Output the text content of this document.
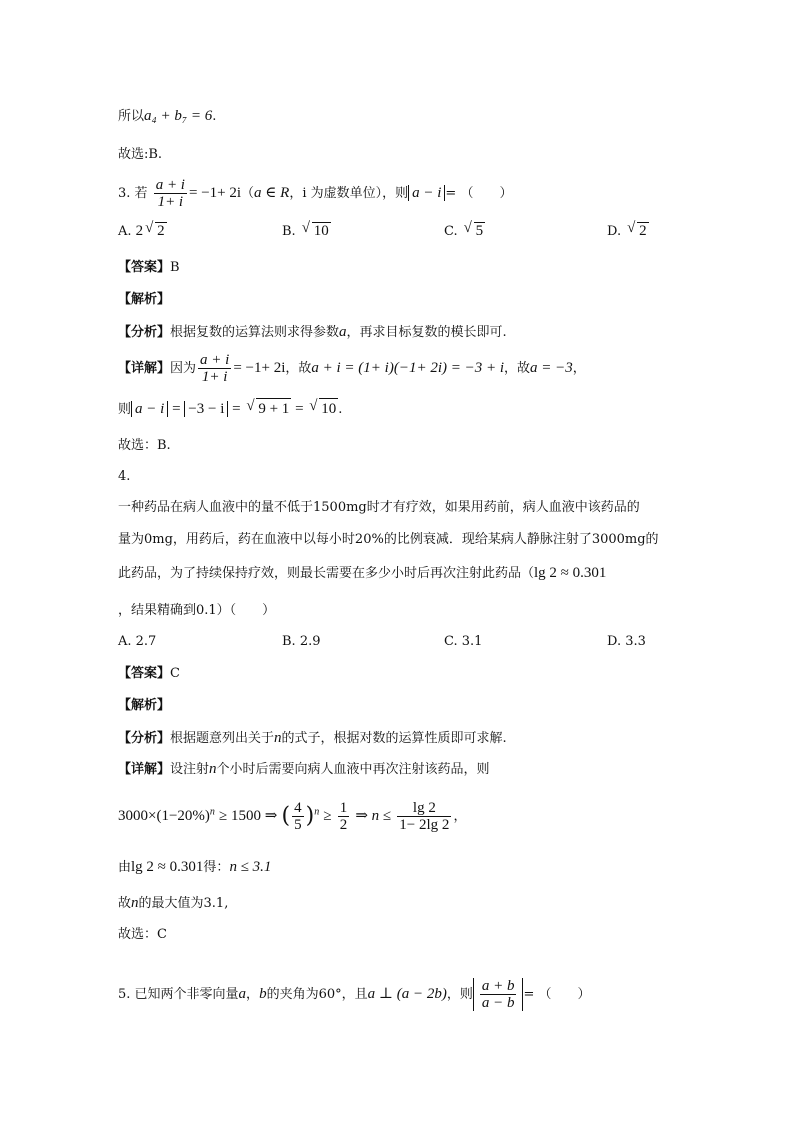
所以a₄ + b₇ = 6.
故选:B.
3. 若 $\frac{a + i}{1+ i} = -1+ 2i(a$ ∈ R，i 为虚数单位），则 a − i = （　　）
A. 2 √ 2	B. √ 10	C. √ 5	D. √ 2
【答案】B
【解析】
【分析】根据复数的运算法则求得参数a，再求目标复数的模长即可.
【详解】因为 $\frac{a + i}{1+ i} = -1+ 2i$，故a + i = (1+ i)(−1+ 2i) = −3 + i，故a = −3，
则 a − i = −3 − i = √ 9 + 1 = √ 10 .
故选：B.
4.
一种药品在病人血液中的量不低于1500mg时才有疗效，如果用药前，病人血液中该药品的
量为0mg，用药后，药在血液中以每小时20%的比例衰减．现给某病人静脉注射了3000mg的
此药品，为了持续保持疗效，则最长需要在多少小时后再次注射此药品（lg 2 ≈ 0.301
，结果精确到0.1）（　　）
A. 2.7	B. 2.9	C. 3.1	D. 3.3
【答案】C
【解析】
【分析】根据题意列出关于n的式子，根据对数的运算性质即可求解.
【详解】设注射n个小时后需要向病人血液中再次注射该药品，则
$3000\times(1-20\%)^n \ge 1500$ ⇒ ( $\frac{4}{5} )^n \ge \frac{1}{2}$ ⇒ $n \le \frac{\lg 2}{1- 2\lg 2}$ ，
由lg 2 ≈ 0.301得：n ≤ 3.1
故n的最大值为3.1,
故选：C
5. 已知两个非零向量a，b的夹角为60°，且a ⊥ (a − 2b)，则 $\frac{a + b}{a - b}$ = （　　）
